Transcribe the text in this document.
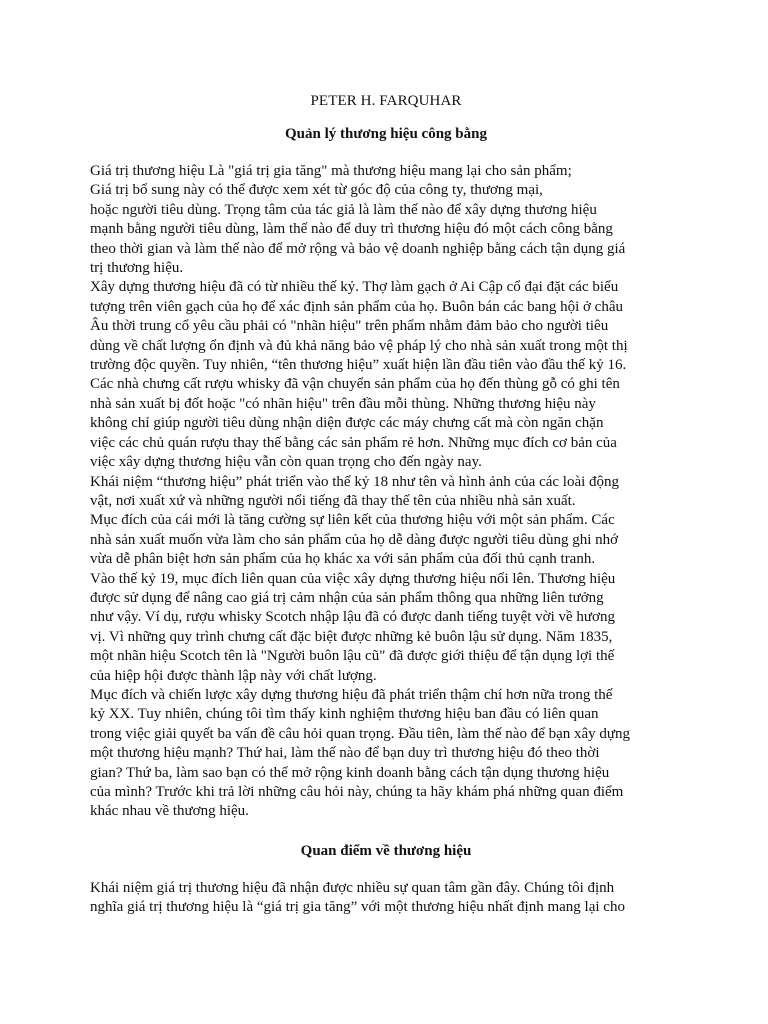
PETER H. FARQUHAR
Quản lý thương hiệu công bằng

Giá trị thương hiệu Là "giá trị gia tăng" mà thương hiệu mang lại cho sản phẩm;
Giá trị bổ sung này có thể được xem xét từ góc độ của công ty, thương mại,
hoặc người tiêu dùng. Trọng tâm của tác giả là làm thế nào để xây dựng thương hiệu
mạnh bằng người tiêu dùng, làm thế nào để duy trì thương hiệu đó một cách công bằng
theo thời gian và làm thế nào để mở rộng và bảo vệ doanh nghiệp bằng cách tận dụng giá
trị thương hiệu.

Xây dựng thương hiệu đã có từ nhiều thế kỷ. Thợ làm gạch ở Ai Cập cổ đại đặt các biểu
tượng trên viên gạch của họ để xác định sản phẩm của họ. Buôn bán các bang hội ở châu
Âu thời trung cổ yêu cầu phải có "nhãn hiệu" trên phẩm nhằm đảm bảo cho người tiêu
dùng về chất lượng ổn định và đủ khả năng bảo vệ pháp lý cho nhà sản xuất trong một thị
trường độc quyền. Tuy nhiên, “tên thương hiệu” xuất hiện lần đầu tiên vào đầu thế kỷ 16.
Các nhà chưng cất rượu whisky đã vận chuyển sản phẩm của họ đến thùng gỗ có ghi tên
nhà sản xuất bị đốt hoặc "có nhãn hiệu" trên đầu mỗi thùng. Những thương hiệu này
không chỉ giúp người tiêu dùng nhận diện được các máy chưng cất mà còn ngăn chặn
việc các chủ quán rượu thay thế bằng các sản phẩm rẻ hơn. Những mục đích cơ bản của
việc xây dựng thương hiệu vẫn còn quan trọng cho đến ngày nay.

Khái niệm “thương hiệu” phát triển vào thế kỷ 18 như tên và hình ảnh của các loài động
vật, nơi xuất xứ và những người nổi tiếng đã thay thế tên của nhiều nhà sản xuất.

Mục đích của cái mới là tăng cường sự liên kết của thương hiệu với một sản phẩm. Các
nhà sản xuất muốn vừa làm cho sản phẩm của họ dễ dàng được người tiêu dùng ghi nhớ
vừa dễ phân biệt hơn sản phẩm của họ khác xa với sản phẩm của đối thủ cạnh tranh.

Vào thế kỷ 19, mục đích liên quan của việc xây dựng thương hiệu nổi lên. Thương hiệu
được sử dụng để nâng cao giá trị cảm nhận của sản phẩm thông qua những liên tưởng
như vậy. Ví dụ, rượu whisky Scotch nhập lậu đã có được danh tiếng tuyệt vời về hương
vị. Vì những quy trình chưng cất đặc biệt được những kẻ buôn lậu sử dụng. Năm 1835,
một nhãn hiệu Scotch tên là "Người buôn lậu cũ" đã được giới thiệu để tận dụng lợi thế
của hiệp hội được thành lập này với chất lượng.

Mục đích và chiến lược xây dựng thương hiệu đã phát triển thậm chí hơn nữa trong thế
kỷ XX. Tuy nhiên, chúng tôi tìm thấy kinh nghiệm thương hiệu ban đầu có liên quan
trong việc giải quyết ba vấn đề câu hỏi quan trọng. Đầu tiên, làm thế nào để bạn xây dựng
một thương hiệu mạnh? Thứ hai, làm thế nào để bạn duy trì thương hiệu đó theo thời
gian? Thứ ba, làm sao bạn có thể mở rộng kinh doanh bằng cách tận dụng thương hiệu
của mình? Trước khi trả lời những câu hỏi này, chúng ta hãy khám phá những quan điểm
khác nhau về thương hiệu.

Quan điểm về thương hiệu

Khái niệm giá trị thương hiệu đã nhận được nhiều sự quan tâm gần đây. Chúng tôi định
nghĩa giá trị thương hiệu là “giá trị gia tăng” với một thương hiệu nhất định mang lại cho
